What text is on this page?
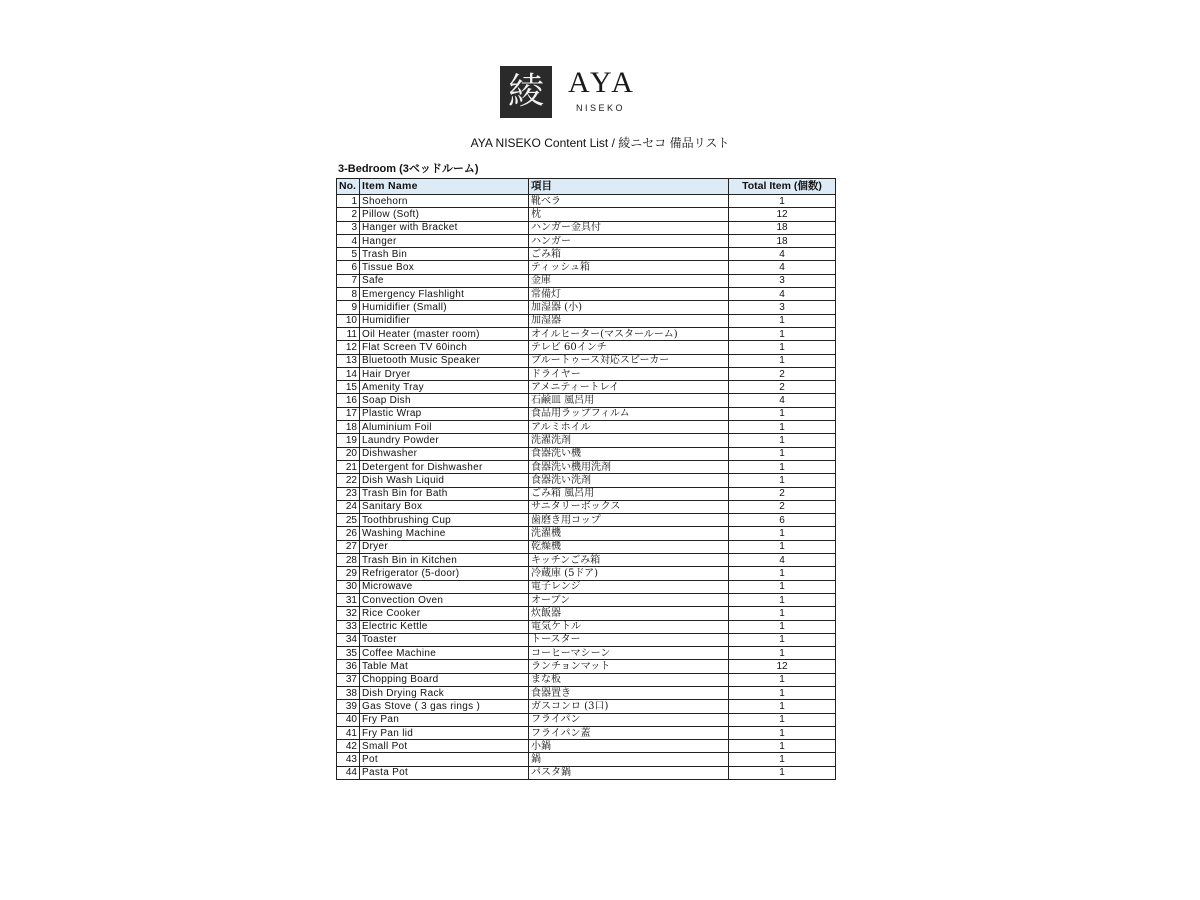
綾 AYA
NISEKO
AYA NISEKO Content List / 綾ニセコ 備品リスト
3-Bedroom (3ベッドルーム)
No.	Item Name	項目	Total Item (個数)
1	Shoehorn	靴べラ	1
2	Pillow (Soft)	枕	12
3	Hanger with Bracket	ハンガー金具付	18
4	Hanger	ハンガー	18
5	Trash Bin	ごみ箱	4
6	Tissue Box	ティッシュ箱	4
7	Safe	金庫	3
8	Emergency Flashlight	常備灯	4
9	Humidifier (Small)	加湿器 (小)	3
10	Humidifier	加湿器	1
11	Oil Heater (master room)	オイルヒーター(マスタールーム)	1
12	Flat Screen TV 60inch	テレビ 60インチ	1
13	Bluetooth Music Speaker	ブルートゥース対応スピーカー	1
14	Hair Dryer	ドライヤー	2
15	Amenity Tray	アメニティートレイ	2
16	Soap Dish	石鹸皿 風呂用	4
17	Plastic Wrap	食品用ラップフィルム	1
18	Aluminium Foil	アルミホイル	1
19	Laundry Powder	洗濯洗剤	1
20	Dishwasher	食器洗い機	1
21	Detergent for Dishwasher	食器洗い機用洗剤	1
22	Dish Wash Liquid	食器洗い洗剤	1
23	Trash Bin for Bath	ごみ箱 風呂用	2
24	Sanitary Box	サニタリーボックス	2
25	Toothbrushing Cup	歯磨き用コップ	6
26	Washing Machine	洗濯機	1
27	Dryer	乾燥機	1
28	Trash Bin in Kitchen	キッチンごみ箱	4
29	Refrigerator (5-door)	冷蔵庫 (5ドア)	1
30	Microwave	電子レンジ	1
31	Convection Oven	オーブン	1
32	Rice Cooker	炊飯器	1
33	Electric Kettle	電気ケトル	1
34	Toaster	トースター	1
35	Coffee Machine	コーヒーマシーン	1
36	Table Mat	ランチョンマット	12
37	Chopping Board	まな板	1
38	Dish Drying Rack	食器置き	1
39	Gas Stove ( 3 gas rings )	ガスコンロ (3口)	1
40	Fry Pan	フライパン	1
41	Fry Pan lid	フライパン蓋	1
42	Small Pot	小鍋	1
43	Pot	鍋	1
44	Pasta Pot	パスタ鍋	1
